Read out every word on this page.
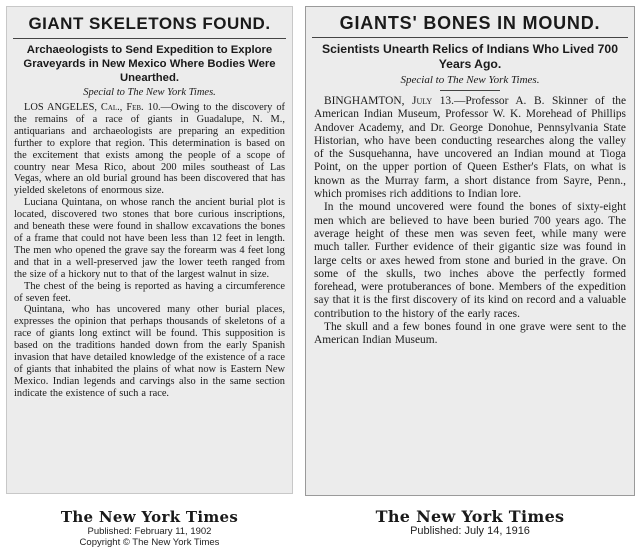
GIANT SKELETONS FOUND.
Archaeologists to Send Expedition to Explore Graveyards in New Mexico Where Bodies Were Unearthed.
Special to The New York Times.

LOS ANGELES, Cal., Feb. 10.—Owing to the discovery of the remains of a race of giants in Guadalupe, N. M., antiquarians and archaeologists are preparing an expedition further to explore that region. This determination is based on the excitement that exists among the people of a scope of country near Mesa Rico, about 200 miles southeast of Las Vegas, where an old burial ground has been discovered that has yielded skeletons of enormous size.

Luciana Quintana, on whose ranch the ancient burial plot is located, discovered two stones that bore curious inscriptions, and beneath these were found in shallow excavations the bones of a frame that could not have been less than 12 feet in length. The men who opened the grave say the forearm was 4 feet long and that in a well-preserved jaw the lower teeth ranged from the size of a hickory nut to that of the largest walnut in size.

The chest of the being is reported as having a circumference of seven feet.

Quintana, who has uncovered many other burial places, expresses the opinion that perhaps thousands of skeletons of a race of giants long extinct will be found. This supposition is based on the traditions handed down from the early Spanish invasion that have detailed knowledge of the existence of a race of giants that inhabited the plains of what now is Eastern New Mexico. Indian legends and carvings also in the same section indicate the existence of such a race.

GIANTS' BONES IN MOUND.
Scientists Unearth Relics of Indians Who Lived 700 Years Ago.
Special to The New York Times.

BINGHAMTON, July 13.—Professor A. B. Skinner of the American Indian Museum, Professor W. K. Morehead of Phillips Andover Academy, and Dr. George Donohue, Pennsylvania State Historian, who have been conducting researches along the valley of the Susquehanna, have uncovered an Indian mound at Tioga Point, on the upper portion of Queen Esther's Flats, on what is known as the Murray farm, a short distance from Sayre, Penn., which promises rich additions to Indian lore.

In the mound uncovered were found the bones of sixty-eight men which are believed to have been buried 700 years ago. The average height of these men was seven feet, while many were much taller. Further evidence of their gigantic size was found in large celts or axes hewed from stone and buried in the grave. On some of the skulls, two inches above the perfectly formed forehead, were protuberances of bone. Members of the expedition say that it is the first discovery of its kind on record and a valuable contribution to the history of the early races.

The skull and a few bones found in one grave were sent to the American Indian Museum.

The New York Times
Published: February 11, 1902
Copyright © The New York Times
The New York Times
Published: July 14, 1916
